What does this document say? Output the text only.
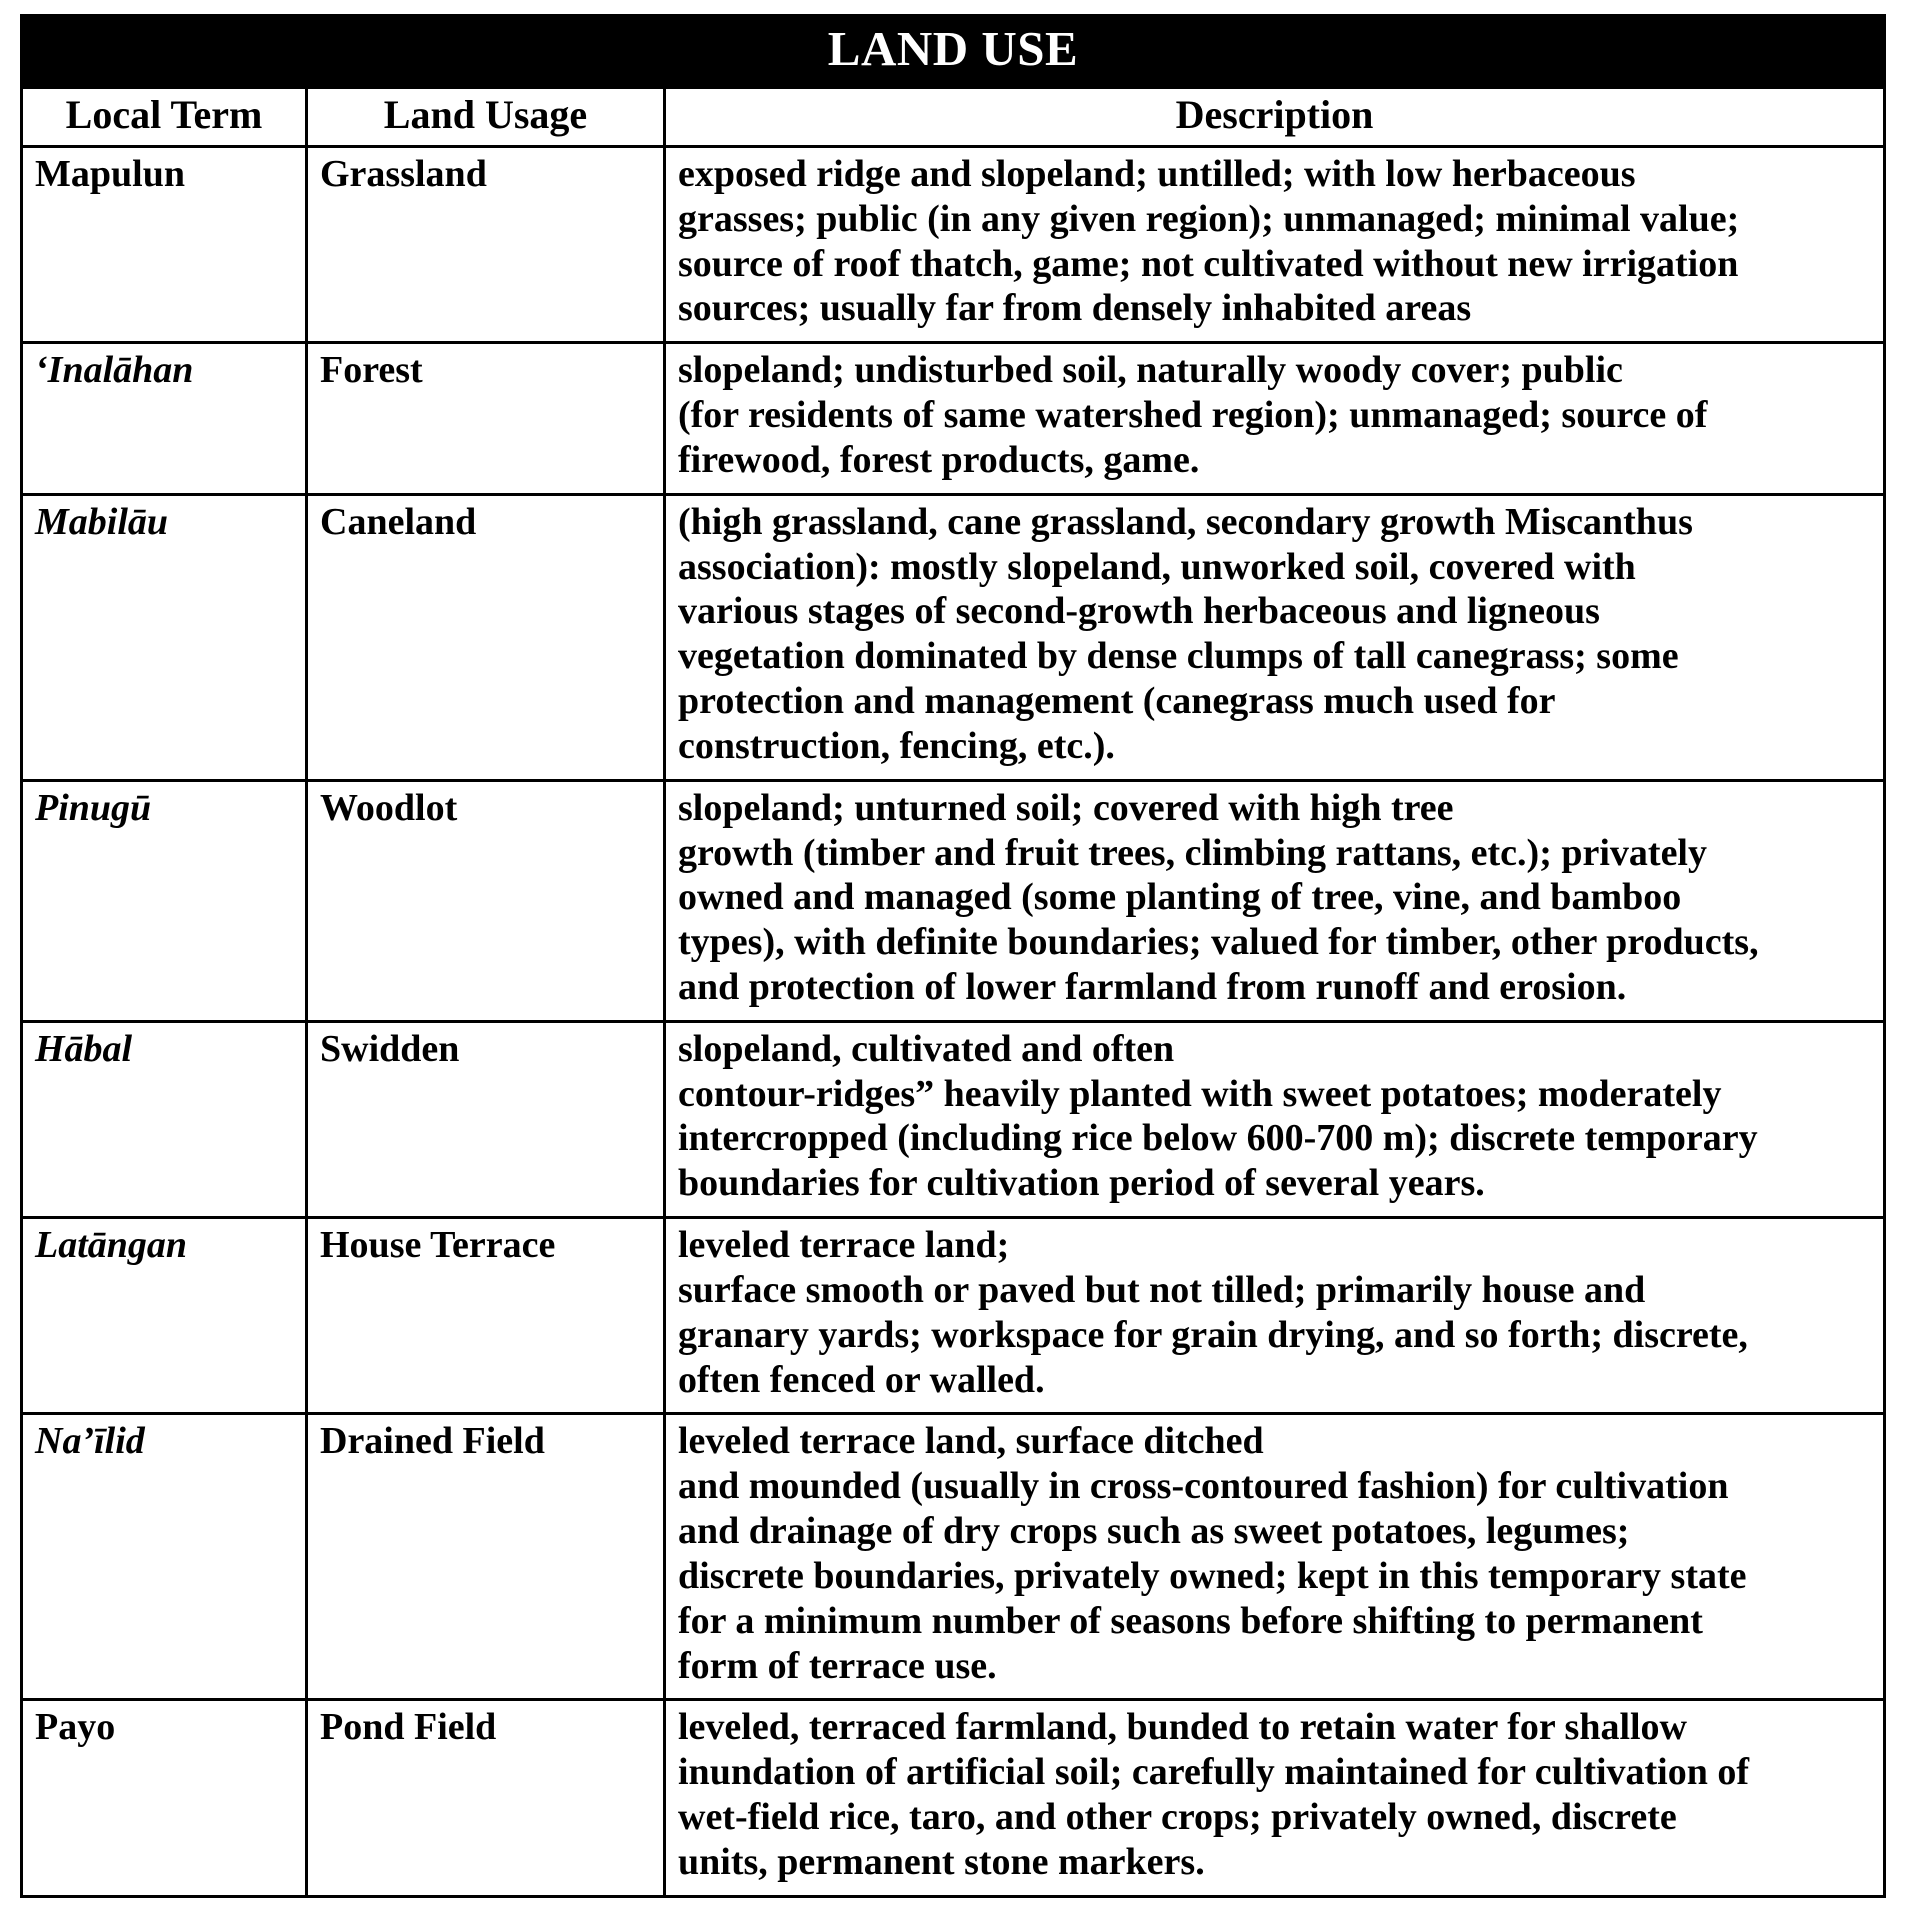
LAND USE		
Local Term	Land Usage	Description
Mapulun	Grassland	exposed ridge and slopeland; untilled; with low herbaceous
grasses; public (in any given region); unmanaged; minimal value;
source of roof thatch, game; not cultivated without new irrigation
sources; usually far from densely inhabited areas

ʻInalāhan	Forest	slopeland; undisturbed soil, naturally woody cover; public
(for residents of same watershed region); unmanaged; source of
firewood, forest products, game.

Mabilāu	Caneland	(high grassland, cane grassland, secondary growth Miscanthus
association): mostly slopeland, unworked soil, covered with
various stages of second-growth herbaceous and ligneous
vegetation dominated by dense clumps of tall canegrass; some
protection and management (canegrass much used for
construction, fencing, etc.).

Pinugū	Woodlot	slopeland; unturned soil; covered with high tree
growth (timber and fruit trees, climbing rattans, etc.); privately
owned and managed (some planting of tree, vine, and bamboo
types), with definite boundaries; valued for timber, other products,
and protection of lower farmland from runoff and erosion.

Hābal	Swidden	slopeland, cultivated and often
contour-ridges” heavily planted with sweet potatoes; moderately
intercropped (including rice below 600-700 m); discrete temporary
boundaries for cultivation period of several years.

Latāngan	House Terrace	leveled terrace land;
surface smooth or paved but not tilled; primarily house and
granary yards; workspace for grain drying, and so forth; discrete,
often fenced or walled.

Na’īlid	Drained Field	leveled terrace land, surface ditched
and mounded (usually in cross-contoured fashion) for cultivation
and drainage of dry crops such as sweet potatoes, legumes;
discrete boundaries, privately owned; kept in this temporary state
for a minimum number of seasons before shifting to permanent
form of terrace use.

Payo	Pond Field	leveled, terraced farmland, bunded to retain water for shallow
inundation of artificial soil; carefully maintained for cultivation of
wet-field rice, taro, and other crops; privately owned, discrete
units, permanent stone markers.
